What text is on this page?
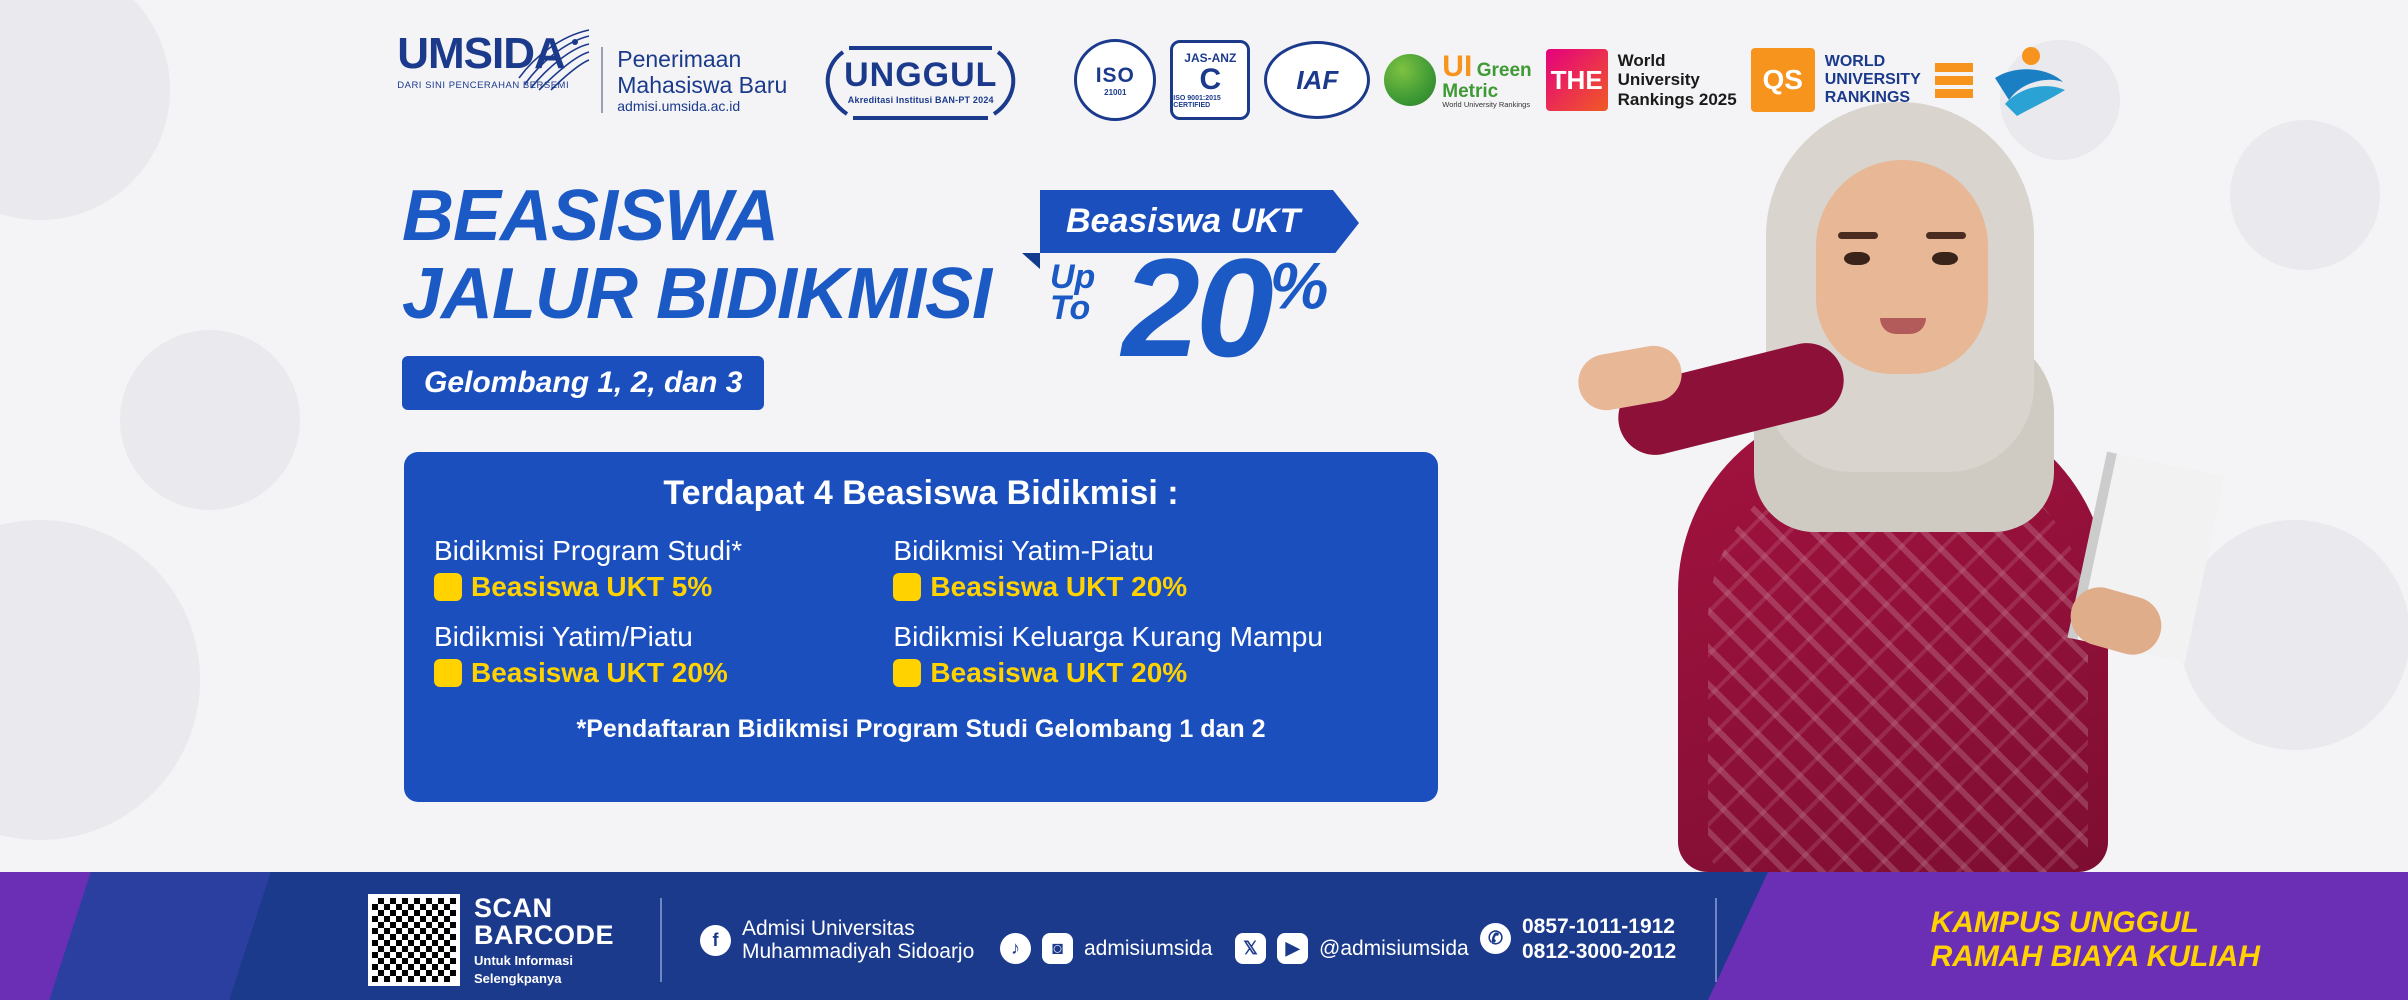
UMSIDA
DARI SINI PENCERAHAN BERSEMI
Penerimaan
Mahasiswa Baru
admisi.umsida.ac.id
UNGGUL
Akreditasi Institusi BAN-PT 2024
ISO
21001
JAS-ANZ
C
ISO 9001:2015 CERTIFIED
IAF	UI Green
Metric
World University Rankings
THE
World
University
Rankings 2025
QS
WORLD
UNIVERSITY
RANKINGS
BEASISWA
JALUR BIDIKMISI
Gelombang 1, 2, dan 3
Beasiswa UKT
Up
To 20%
Terdapat 4 Beasiswa Bidikmisi :
Bidikmisi Program Studi*
✓ Beasiswa UKT 5%
Bidikmisi Yatim-Piatu
✓ Beasiswa UKT 20%
Bidikmisi Yatim/Piatu
✓ Beasiswa UKT 20%
Bidikmisi Keluarga Kurang Mampu
✓ Beasiswa UKT 20%
*Pendaftaran Bidikmisi Program Studi Gelombang 1 dan 2
SCAN
BARCODE
Untuk Informasi
Selengkpanya
f
Admisi Universitas
Muhammadiyah Sidoarjo	♪	◙	admisiumsida	𝕏	▶ @admisiumsida	✆
0857-1011-1912
0812-3000-2012
KAMPUS UNGGUL
RAMAH BIAYA KULIAH
